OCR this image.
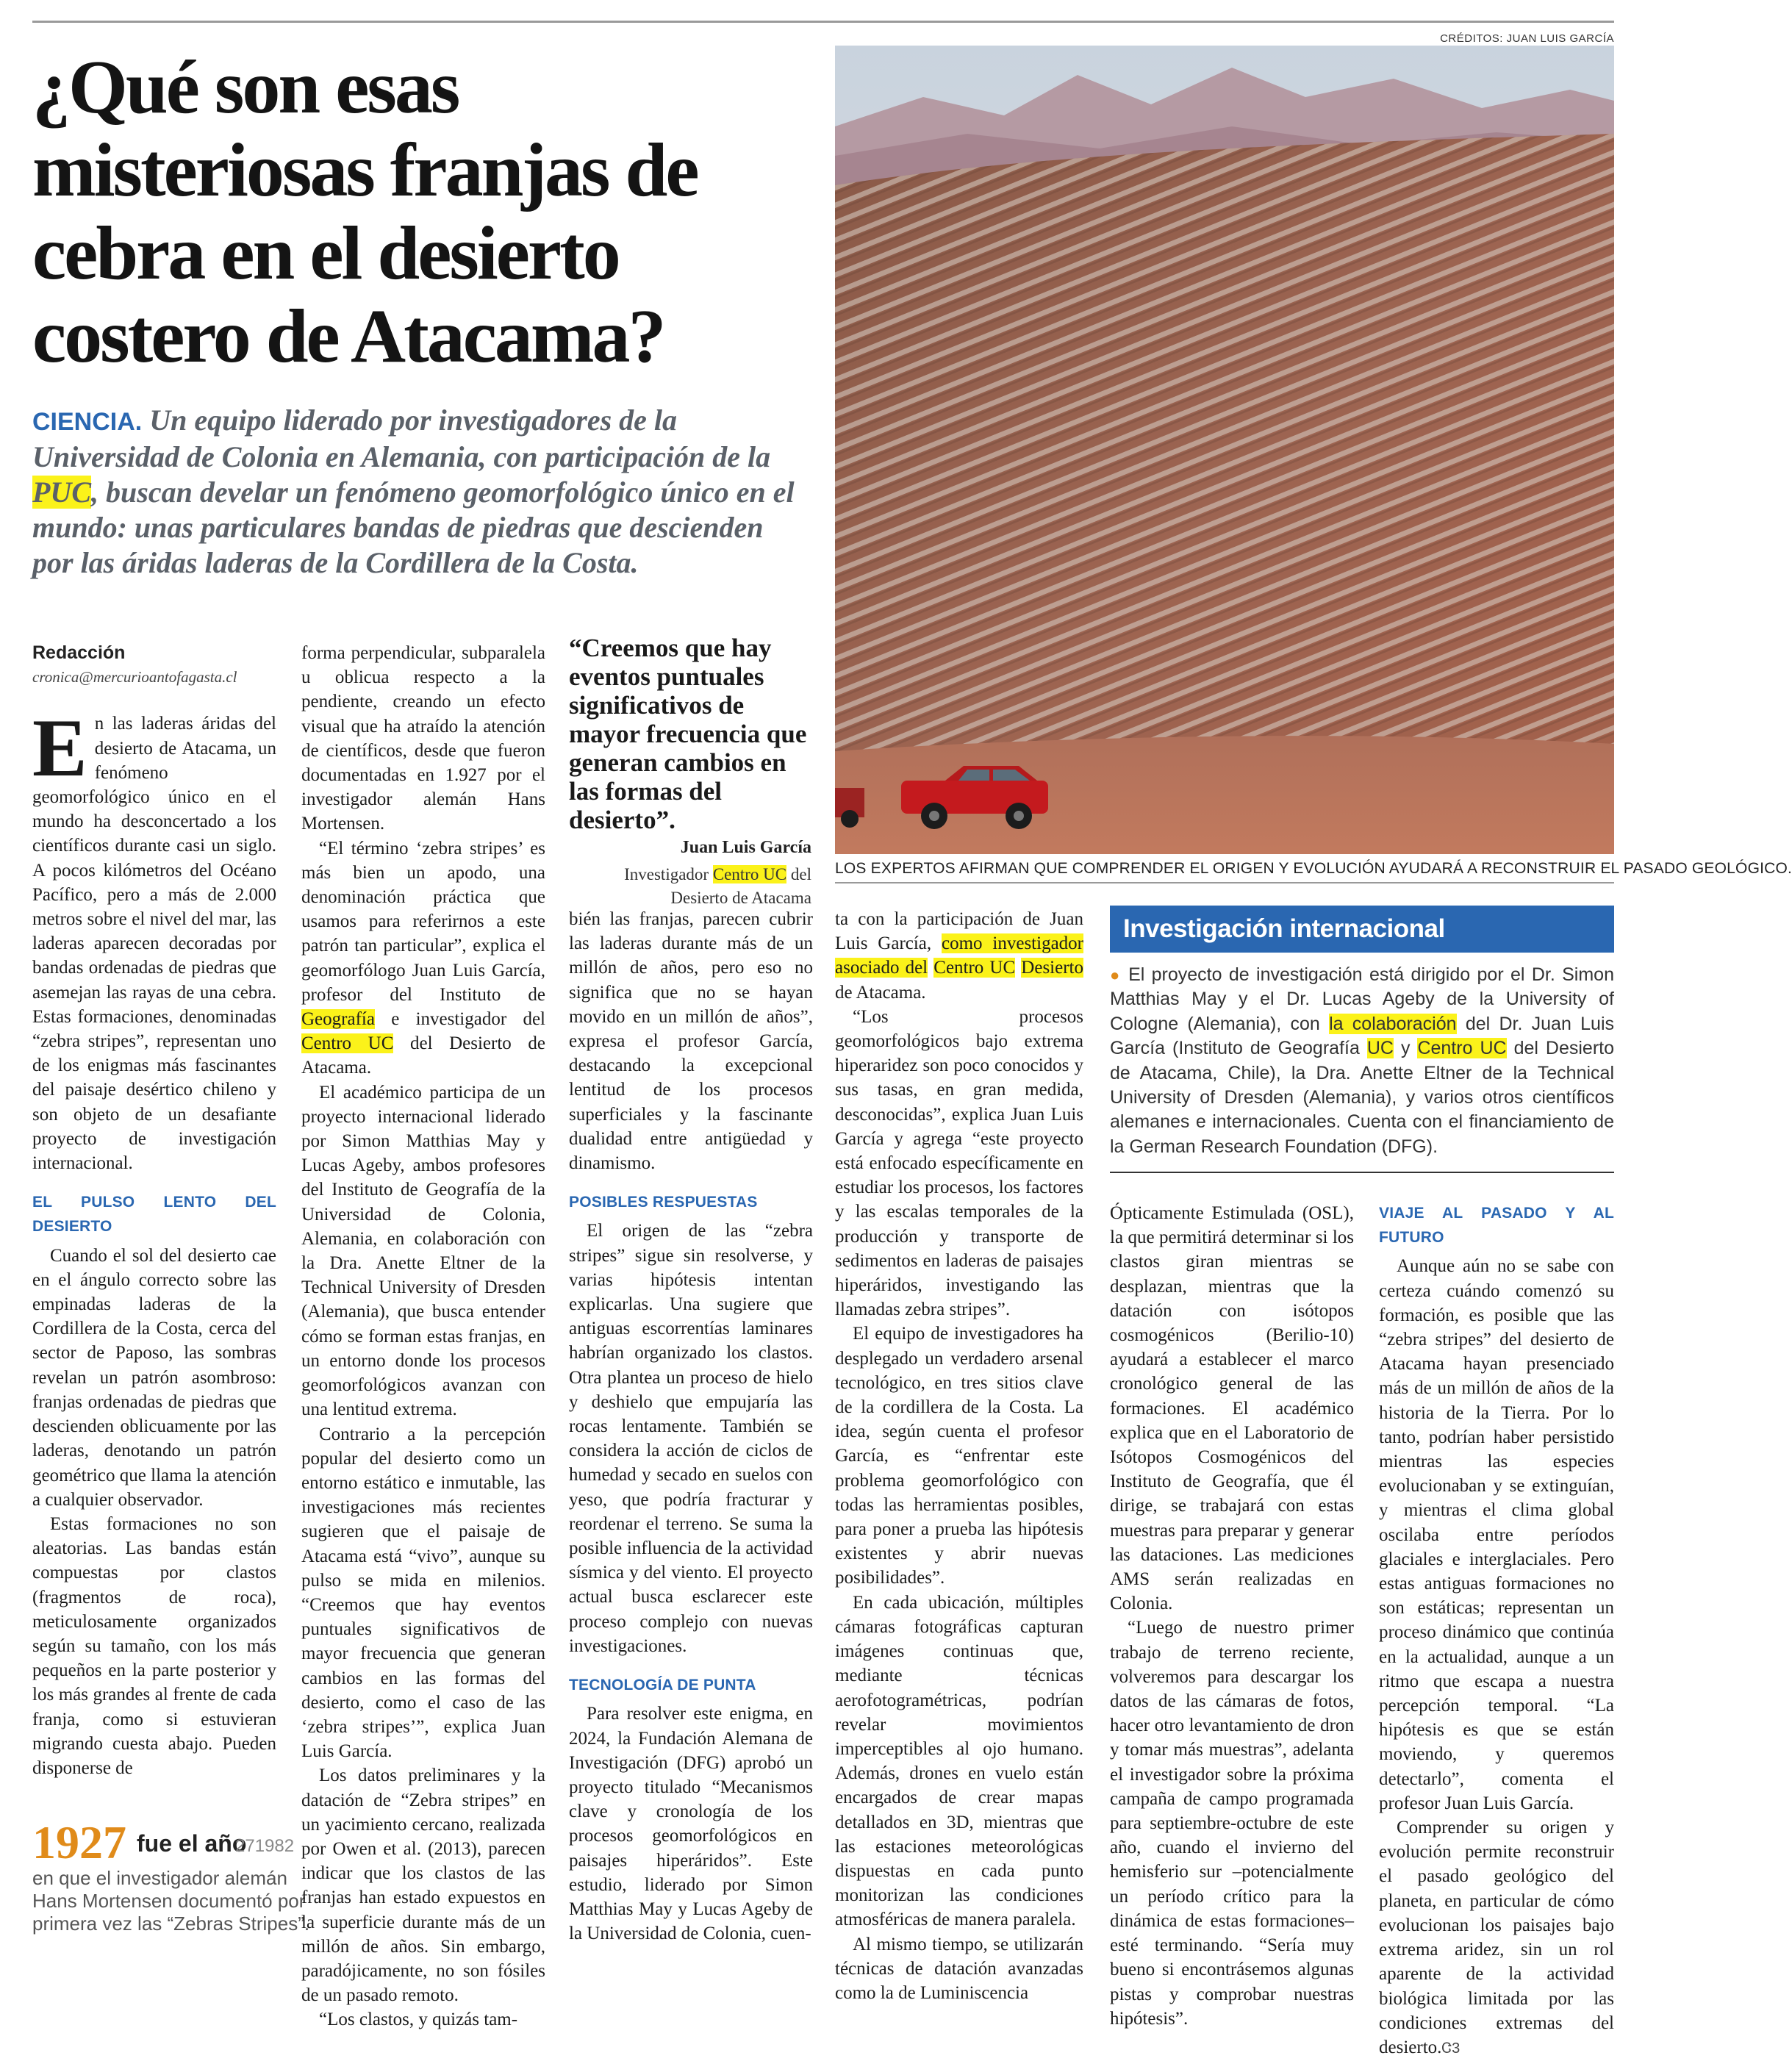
CRÉDITOS: JUAN LUIS GARCÍA
¿Qué son esas
misteriosas franjas de
cebra en el desierto
costero de Atacama?
CIENCIA. Un equipo liderado por investigadores de la Universidad de Colonia en Alemania, con participación de la PUC, buscan develar un fenómeno geomorfológico único en el mundo: unas particulares bandas de piedras que descienden por las áridas laderas de la Cordillera de la Costa.
LOS EXPERTOS AFIRMAN QUE COMPRENDER EL ORIGEN Y EVOLUCIÓN AYUDARÁ A RECONSTRUIR EL PASADO GEOLÓGICO.
Redacción
cronica@mercurioantofagasta.cl

En las laderas áridas del desierto de Atacama, un fenómeno geomorfológico único en el mundo ha desconcertado a los científicos durante casi un siglo. A pocos kilómetros del Océano Pacífico, pero a más de 2.000 metros sobre el nivel del mar, las laderas aparecen decoradas por bandas ordenadas de piedras que asemejan las rayas de una cebra. Estas formaciones, denominadas “zebra stripes”, representan uno de los enigmas más fascinantes del paisaje desértico chileno y son objeto de un desafiante proyecto de investigación internacional.

EL PULSO LENTO DEL DESIERTO

Cuando el sol del desierto cae en el ángulo correcto sobre las empinadas laderas de la Cordillera de la Costa, cerca del sector de Paposo, las sombras revelan un patrón asombroso: franjas ordenadas de piedras que descienden oblicuamente por las laderas, denotando un patrón geométrico que llama la atención a cualquier observador.

Estas formaciones no son aleatorias. Las bandas están compuestas por clastos (fragmentos de roca), meticulosamente organizados según su tamaño, con los más pequeños en la parte posterior y los más grandes al frente de cada franja, como si estuvieran migrando cuesta abajo. Pueden disponerse de

1927 fue el año
271982
en que el investigador alemán Hans Mortensen documentó por primera vez las “Zebras Stripes”.

forma perpendicular, subparalela u oblicua respecto a la pendiente, creando un efecto visual que ha atraído la atención de científicos, desde que fueron documentadas en 1.927 por el investigador alemán Hans Mortensen.

“El término ‘zebra stripes’ es más bien un apodo, una denominación práctica que usamos para referirnos a este patrón tan particular”, explica el geomorfólogo Juan Luis García, profesor del Instituto de Geografía e investigador del Centro UC del Desierto de Atacama.

El académico participa de un proyecto internacional liderado por Simon Matthias May y Lucas Ageby, ambos profesores del Instituto de Geografía de la Universidad de Colonia, Alemania, en colaboración con la Dra. Anette Eltner de la Technical University of Dresden (Alemania), que busca entender cómo se forman estas franjas, en un entorno donde los procesos geomorfológicos avanzan con una lentitud extrema.

Contrario a la percepción popular del desierto como un entorno estático e inmutable, las investigaciones más recientes sugieren que el paisaje de Atacama está “vivo”, aunque su pulso se mida en milenios. “Creemos que hay eventos puntuales significativos de mayor frecuencia que generan cambios en las formas del desierto, como el caso de las ‘zebra stripes’”, explica Juan Luis García.

Los datos preliminares y la datación de “Zebra stripes” en un yacimiento cercano, realizada por Owen et al. (2013), parecen indicar que los clastos de las franjas han estado expuestos en la superficie durante más de un millón de años. Sin embargo, paradójicamente, no son fósiles de un pasado remoto.

“Los clastos, y quizás tam-

“Creemos que hay eventos puntuales significativos de mayor frecuencia que generan cambios en las formas del desierto”.
Juan Luis García
Investigador Centro UC del Desierto de Atacama

bién las franjas, parecen cubrir las laderas durante más de un millón de años, pero eso no significa que no se hayan movido en un millón de años”, expresa el profesor García, destacando la excepcional lentitud de los procesos superficiales y la fascinante dualidad entre antigüedad y dinamismo.

POSIBLES RESPUESTAS

El origen de las “zebra stripes” sigue sin resolverse, y varias hipótesis intentan explicarlas. Una sugiere que antiguas escorrentías laminares habrían organizado los clastos. Otra plantea un proceso de hielo y deshielo que empujaría las rocas lentamente. También se considera la acción de ciclos de humedad y secado en suelos con yeso, que podría fracturar y reordenar el terreno. Se suma la posible influencia de la actividad sísmica y del viento. El proyecto actual busca esclarecer este proceso complejo con nuevas investigaciones.

TECNOLOGÍA DE PUNTA

Para resolver este enigma, en 2024, la Fundación Alemana de Investigación (DFG) aprobó un proyecto titulado “Mecanismos clave y cronología de los procesos geomorfológicos en paisajes hiperáridos”. Este estudio, liderado por Simon Matthias May y Lucas Ageby de la Universidad de Colonia, cuen-

ta con la participación de Juan Luis García, como investigador asociado del Centro UC Desierto de Atacama.

“Los procesos geomorfológicos bajo extrema hiperaridez son poco conocidos y sus tasas, en gran medida, desconocidas”, explica Juan Luis García y agrega “este proyecto está enfocado específicamente en estudiar los procesos, los factores y las escalas temporales de la producción y transporte de sedimentos en laderas de paisajes hiperáridos, investigando las llamadas zebra stripes”.

El equipo de investigadores ha desplegado un verdadero arsenal tecnológico, en tres sitios clave de la cordillera de la Costa. La idea, según cuenta el profesor García, es “enfrentar este problema geomorfológico con todas las herramientas posibles, para poner a prueba las hipótesis existentes y abrir nuevas posibilidades”.

En cada ubicación, múltiples cámaras fotográficas capturan imágenes continuas que, mediante técnicas aerofotogramétricas, podrían revelar movimientos imperceptibles al ojo humano. Además, drones en vuelo están encargados de crear mapas detallados en 3D, mientras que las estaciones meteorológicas dispuestas en cada punto monitorizan las condiciones atmosféricas de manera paralela.

Al mismo tiempo, se utilizarán técnicas de datación avanzadas como la de Luminiscencia

Investigación internacional
● El proyecto de investigación está dirigido por el Dr. Simon Matthias May y el Dr. Lucas Ageby de la University of Cologne (Alemania), con la colaboración del Dr. Juan Luis García (Instituto de Geografía UC y Centro UC del Desierto de Atacama, Chile), la Dra. Anette Eltner de la Technical University of Dresden (Alemania), y varios otros científicos alemanes e internacionales. Cuenta con el financiamiento de la German Research Foundation (DFG).

Ópticamente Estimulada (OSL), la que permitirá determinar si los clastos giran mientras se desplazan, mientras que la datación con isótopos cosmogénicos (Berilio-10) ayudará a establecer el marco cronológico general de las formaciones. El académico explica que en el Laboratorio de Isótopos Cosmogénicos del Instituto de Geografía, que él dirige, se trabajará con estas muestras para preparar y generar las dataciones. Las mediciones AMS serán realizadas en Colonia.

“Luego de nuestro primer trabajo de terreno reciente, volveremos para descargar los datos de las cámaras de fotos, hacer otro levantamiento de dron y tomar más muestras”, adelanta el investigador sobre la próxima campaña de campo programada para septiembre-octubre de este año, cuando el invierno del hemisferio sur –potencialmente un período crítico para la dinámica de estas formaciones– esté terminando. “Sería muy bueno si encontrásemos algunas pistas y comprobar nuestras hipótesis”.

VIAJE AL PASADO Y AL FUTURO

Aunque aún no se sabe con certeza cuándo comenzó su formación, es posible que las “zebra stripes” del desierto de Atacama hayan presenciado más de un millón de años de la historia de la Tierra. Por lo tanto, podrían haber persistido mientras las especies evolucionaban y se extinguían, y mientras el clima global oscilaba entre períodos glaciales e interglaciales. Pero estas antiguas formaciones no son estáticas; representan un proceso dinámico que continúa en la actualidad, aunque a un ritmo que escapa a nuestra percepción temporal. “La hipótesis es que se están moviendo, y queremos detectarlo”, comenta el profesor Juan Luis García.

Comprender su origen y evolución permite reconstruir el pasado geológico del planeta, en particular de cómo evolucionan los paisajes bajo extrema aridez, sin un rol aparente de la actividad biológica limitada por las condiciones extremas del desierto.Ꮳ3
